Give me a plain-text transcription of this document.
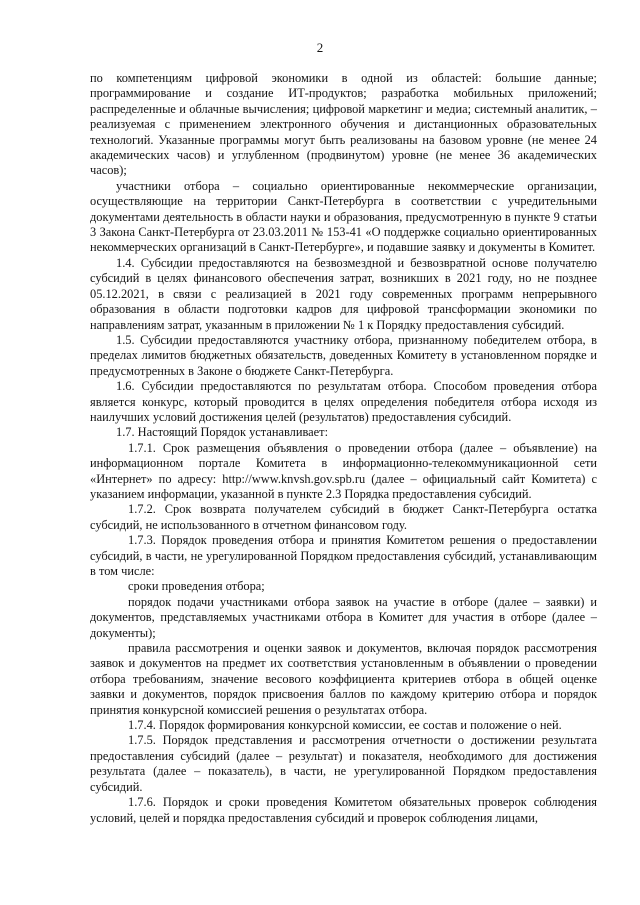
2

по компетенциям цифровой экономики в одной из областей: большие данные; программирование и создание ИТ-продуктов; разработка мобильных приложений; распределенные и облачные вычисления; цифровой маркетинг и медиа; системный аналитик, – реализуемая с применением электронного обучения и дистанционных образовательных технологий. Указанные программы могут быть реализованы на базовом уровне (не менее 24 академических часов) и углубленном (продвинутом) уровне (не менее 36 академических часов);

участники отбора – социально ориентированные некоммерческие организации, осуществляющие на территории Санкт-Петербурга в соответствии с учредительными документами деятельность в области науки и образования, предусмотренную в пункте 9 статьи 3 Закона Санкт-Петербурга от 23.03.2011 № 153-41 «О поддержке социально ориентированных некоммерческих организаций в Санкт-Петербурге», и подавшие заявку и документы в Комитет.

1.4. Субсидии предоставляются на безвозмездной и безвозвратной основе получателю субсидий в целях финансового обеспечения затрат, возникших в 2021 году, но не позднее 05.12.2021, в связи с реализацией в 2021 году современных программ непрерывного образования в области подготовки кадров для цифровой трансформации экономики по направлениям затрат, указанным в приложении № 1 к Порядку предоставления субсидий.

1.5. Субсидии предоставляются участнику отбора, признанному победителем отбора, в пределах лимитов бюджетных обязательств, доведенных Комитету в установленном порядке и предусмотренных в Законе о бюджете Санкт-Петербурга.

1.6. Субсидии предоставляются по результатам отбора. Способом проведения отбора является конкурс, который проводится в целях определения победителя отбора исходя из наилучших условий достижения целей (результатов) предоставления субсидий.

1.7. Настоящий Порядок устанавливает:

1.7.1. Срок размещения объявления о проведении отбора (далее – объявление) на информационном портале Комитета в информационно-телекоммуникационной сети «Интернет» по адресу: http://www.knvsh.gov.spb.ru (далее – официальный сайт Комитета) с указанием информации, указанной в пункте 2.3 Порядка предоставления субсидий.

1.7.2. Срок возврата получателем субсидий в бюджет Санкт-Петербурга остатка субсидий, не использованного в отчетном финансовом году.

1.7.3. Порядок проведения отбора и принятия Комитетом решения о предоставлении субсидий, в части, не урегулированной Порядком предоставления субсидий, устанавливающим в том числе:

сроки проведения отбора;

порядок подачи участниками отбора заявок на участие в отборе (далее – заявки) и документов, представляемых участниками отбора в Комитет для участия в отборе (далее – документы);

правила рассмотрения и оценки заявок и документов, включая порядок рассмотрения заявок и документов на предмет их соответствия установленным в объявлении о проведении отбора требованиям, значение весового коэффициента критериев отбора в общей оценке заявки и документов, порядок присвоения баллов по каждому критерию отбора и порядок принятия конкурсной комиссией решения о результатах отбора.

1.7.4. Порядок формирования конкурсной комиссии, ее состав и положение о ней.

1.7.5. Порядок представления и рассмотрения отчетности о достижении результата предоставления субсидий (далее – результат) и показателя, необходимого для достижения результата (далее – показатель), в части, не урегулированной Порядком предоставления субсидий.

1.7.6. Порядок и сроки проведения Комитетом обязательных проверок соблюдения условий, целей и порядка предоставления субсидий и проверок соблюдения лицами,
